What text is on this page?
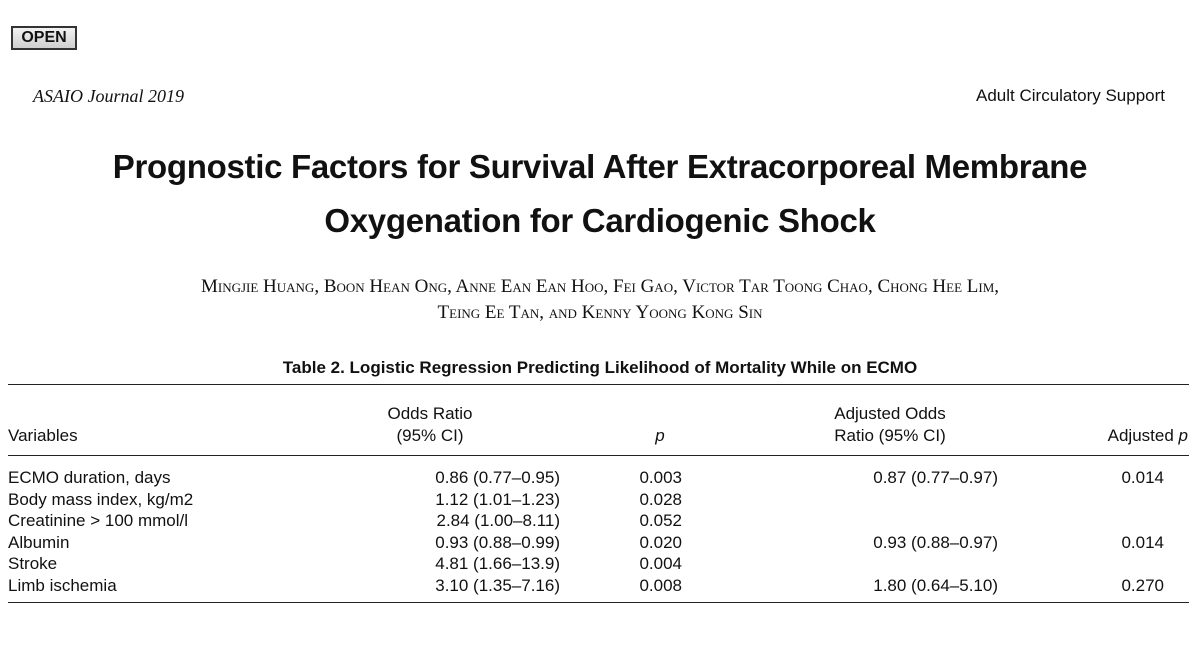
OPEN
ASAIO Journal 2019	Adult Circulatory Support
Prognostic Factors for Survival After Extracorporeal Membrane
Oxygenation for Cardiogenic Shock
Mingjie Huang, Boon Hean Ong, Anne Ean Ean Hoo, Fei Gao, Victor Tar Toong Chao, Chong Hee Lim,
Teing Ee Tan, and Kenny Yoong Kong Sin
Table 2. Logistic Regression Predicting Likelihood of Mortality While on ECMO
Variables
Odds Ratio
(95% CI)	p
Adjusted Odds
Ratio (95% CI)	Adjusted p
ECMO duration, days	0.86 (0.77–0.95)	0.003	0.87 (0.77–0.97)	0.014
Body mass index, kg/m2	1.12 (1.01–1.23)	0.028
Creatinine > 100 mmol/l	2.84 (1.00–8.11)	0.052
Albumin	0.93 (0.88–0.99)	0.020	0.93 (0.88–0.97)	0.014
Stroke	4.81 (1.66–13.9)	0.004
Limb ischemia	3.10 (1.35–7.16)	0.008	1.80 (0.64–5.10)	0.270
